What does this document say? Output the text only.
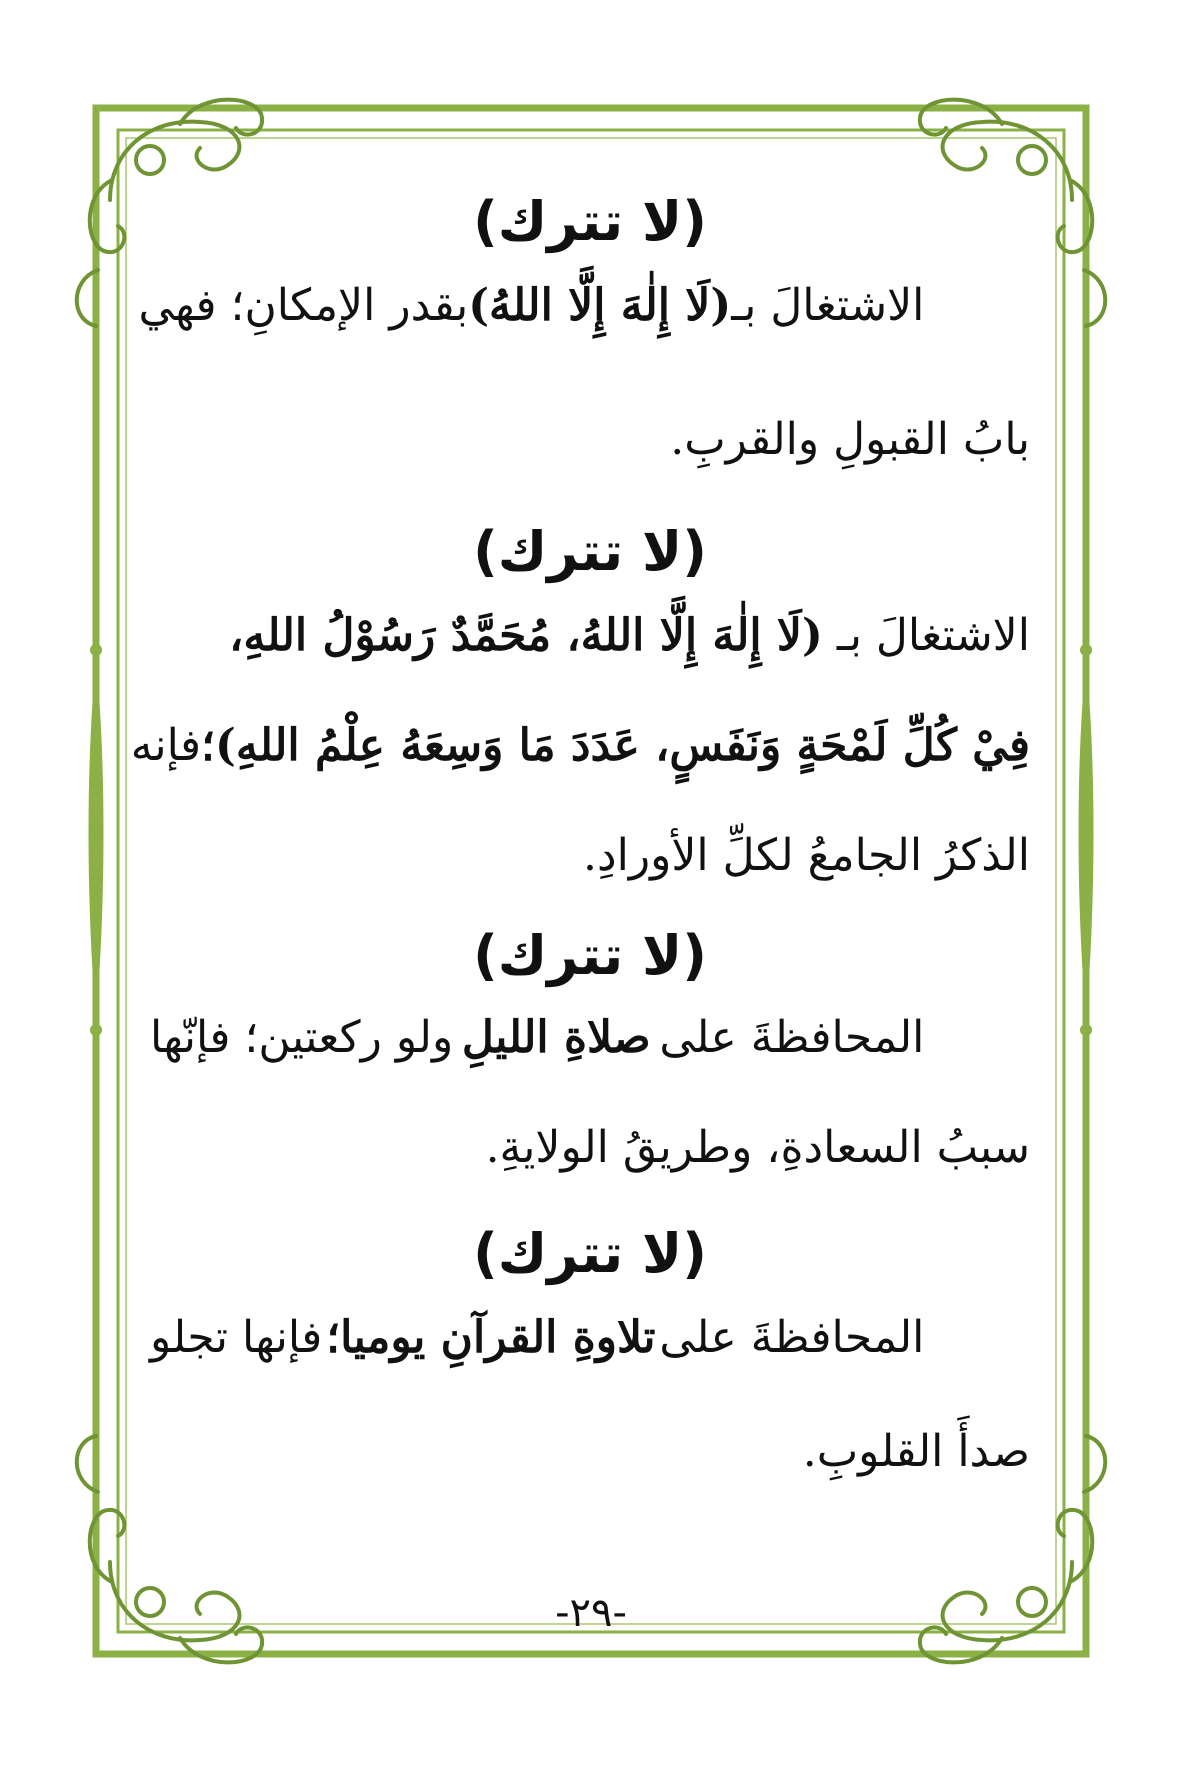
(لا تترك)
الاشتغالَ بـ
(لَا إِلٰهَ إِلَّا اللهُ)
بقدر الإمكانِ؛ فهي
بابُ القبولِ والقربِ.
(لا تترك)
الاشتغالَ بـ
(لَا إِلٰهَ إِلَّا اللهُ، مُحَمَّدٌ رَسُوْلُ اللهِ،
فِيْ كُلِّ لَمْحَةٍ وَنَفَسٍ، عَدَدَ مَا وَسِعَهُ عِلْمُ اللهِ)؛
فإنه
الذكرُ الجامعُ لكلِّ الأورادِ.
(لا تترك)
المحافظةَ على
صلاةِ الليلِ
ولو ركعتين؛ فإنّها
سببُ السعادةِ، وطريقُ الولايةِ.
(لا تترك)
المحافظةَ على
تلاوةِ القرآنِ يوميا؛
فإنها تجلو
صدأَ القلوبِ.
-٢٩-
